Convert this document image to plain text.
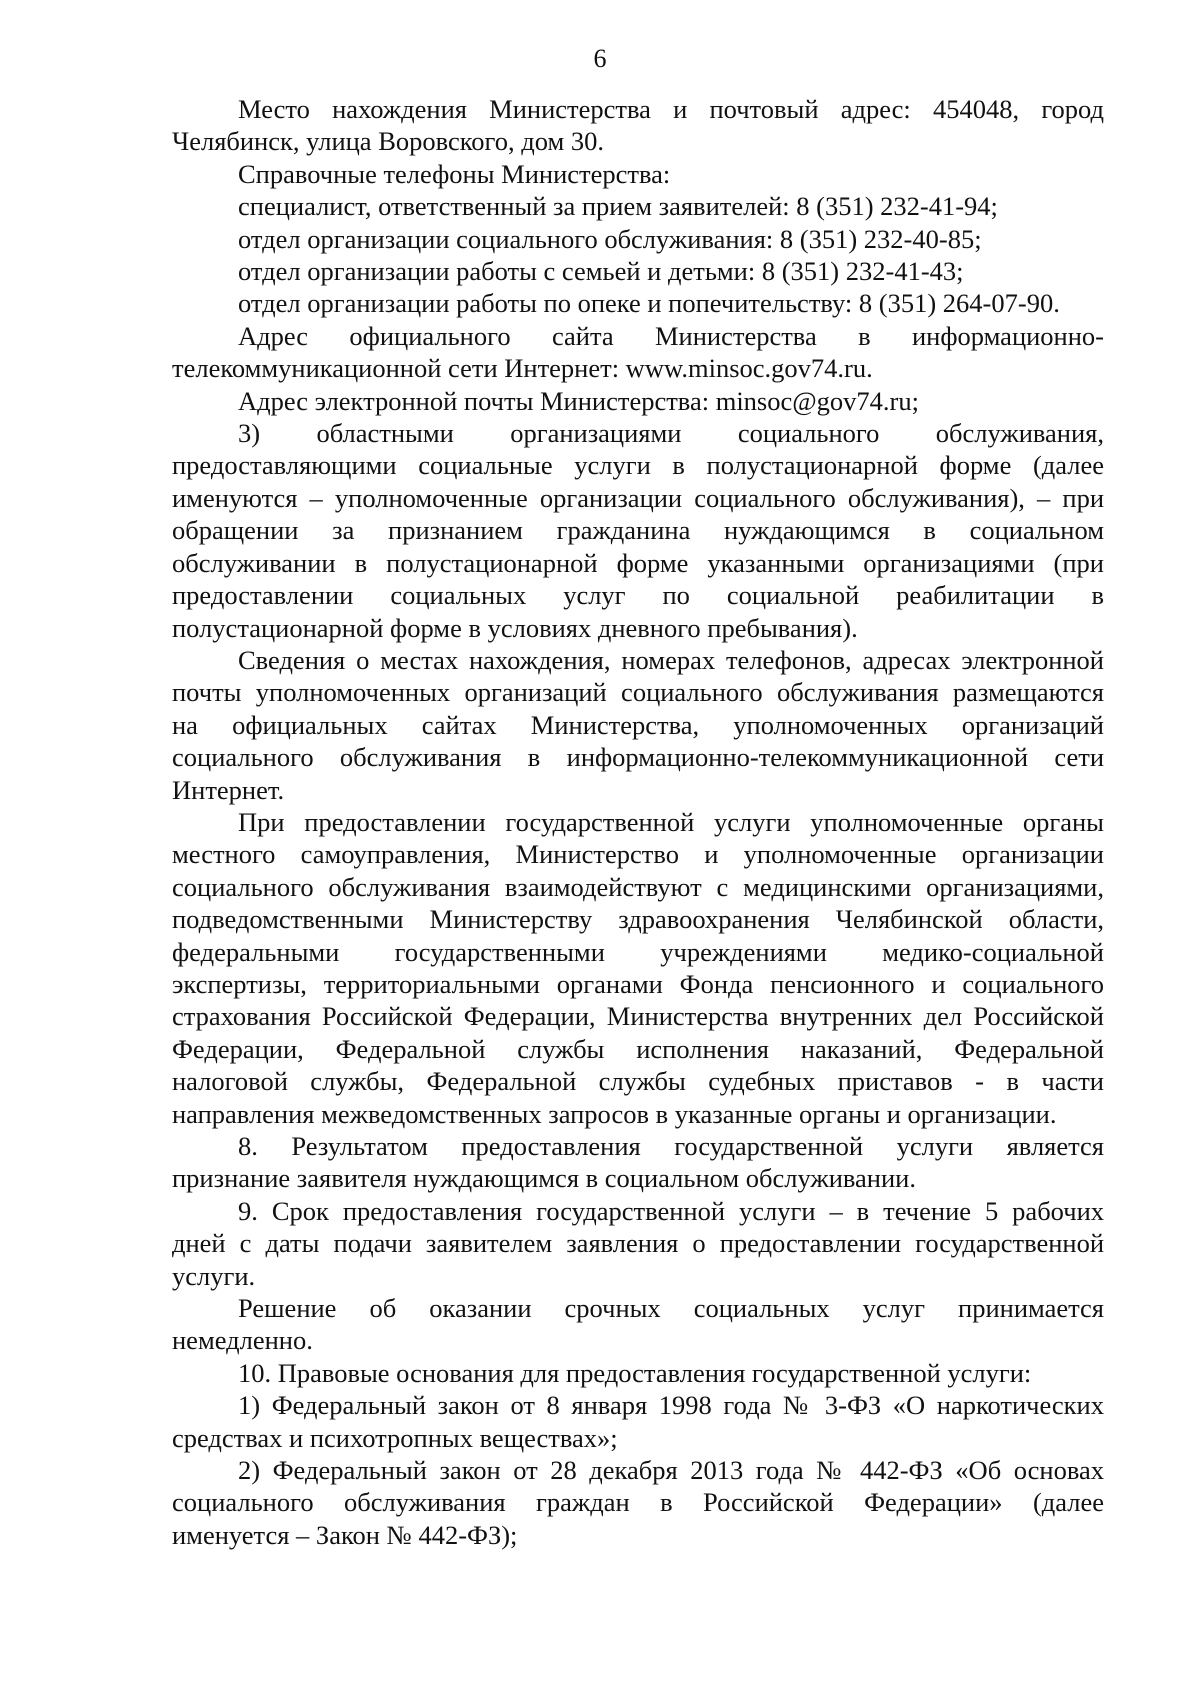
6
Место нахождения Министерства и почтовый адрес: 454048, город
Челябинск, улица Воровского, дом 30.
Справочные телефоны Министерства:
специалист, ответственный за прием заявителей: 8 (351) 232-41-94;
отдел организации социального обслуживания: 8 (351) 232-40-85;
отдел организации работы с семьей и детьми: 8 (351) 232-41-43;
отдел организации работы по опеке и попечительству: 8 (351) 264-07-90.
Адрес официального сайта Министерства в информационно-
телекоммуникационной сети Интернет: www.minsoc.gov74.ru.
Адрес электронной почты Министерства: minsoc@gov74.ru;
3) областными организациями социального обслуживания,
предоставляющими социальные услуги в полустационарной форме (далее
именуются – уполномоченные организации социального обслуживания), – при
обращении за признанием гражданина нуждающимся в социальном
обслуживании в полустационарной форме указанными организациями (при
предоставлении социальных услуг по социальной реабилитации в
полустационарной форме в условиях дневного пребывания).
Сведения о местах нахождения, номерах телефонов, адресах электронной
почты уполномоченных организаций социального обслуживания размещаются
на официальных сайтах Министерства, уполномоченных организаций
социального обслуживания в информационно-телекоммуникационной сети
Интернет.
При предоставлении государственной услуги уполномоченные органы
местного самоуправления, Министерство и уполномоченные организации
социального обслуживания взаимодействуют с медицинскими организациями,
подведомственными Министерству здравоохранения Челябинской области,
федеральными государственными учреждениями медико-социальной
экспертизы, территориальными органами Фонда пенсионного и социального
страхования Российской Федерации, Министерства внутренних дел Российской
Федерации, Федеральной службы исполнения наказаний, Федеральной
налоговой службы, Федеральной службы судебных приставов - в части
направления межведомственных запросов в указанные органы и организации.
8. Результатом предоставления государственной услуги является
признание заявителя нуждающимся в социальном обслуживании.
9. Срок предоставления государственной услуги – в течение 5 рабочих
дней с даты подачи заявителем заявления о предоставлении государственной
услуги.
Решение об оказании срочных социальных услуг принимается
немедленно.
10. Правовые основания для предоставления государственной услуги:
1) Федеральный закон от 8 января 1998 года № 3-ФЗ «О наркотических
средствах и психотропных веществах»;
2) Федеральный закон от 28 декабря 2013 года № 442-ФЗ «Об основах
социального обслуживания граждан в Российской Федерации» (далее
именуется – Закон № 442-ФЗ);
